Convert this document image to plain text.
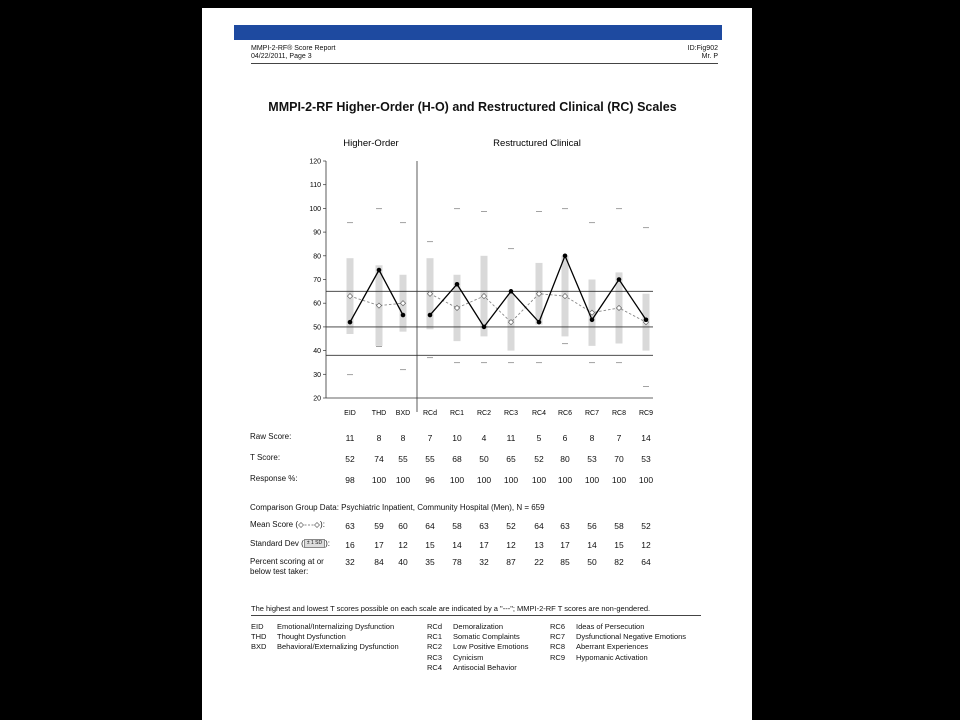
MMPI-2-RF® Score Report
04/22/2011, Page 3
ID:Fig902
Mr. P
MMPI-2-RF Higher-Order (H-O) and Restructured Clinical (RC) Scales
Higher-Order	Restructured Clinical
20
30
40
50
60
70
80
90
100
110
120
---
---
---
---
---	---
---
---	---
---
---
---
---
---
---
---
---	---	---	---
---
---	---
---
EID THD BXD RCd RC1 RC2 RC3 RC4 RC6 RC7 RC8 RC9
Raw Score:	11	8	8	7	10	4	11	5	6	8	7	14
T Score:	52	74	55	55	68	50	65	52	80	53	70	53
Response %:	98	100	100	96	100	100	100	100	100	100	100	100
Comparison Group Data: Psychiatric Inpatient, Community Hospital (Men), N = 659
Mean Score (	):	63	59	60	64	58	63	52	64	63	56	58	52
Standard Dev ( ± 1 SD ):	16	17	12	15	14	17	12	13	17	14	15	12
Percent scoring at or
below test taker:
32	84	40	35	78	32	87	22	85	50	82	64
The highest and lowest T scores possible on each scale are indicated by a "---"; MMPI-2-RF T scores are non-gendered.
EID Emotional/Internalizing Dysfunction
THD Thought Dysfunction
BXD Behavioral/Externalizing Dysfunction
RCd Demoralization
RC1 Somatic Complaints
RC2 Low Positive Emotions
RC3 Cynicism
RC4 Antisocial Behavior
RC6 Ideas of Persecution
RC7 Dysfunctional Negative Emotions
RC8 Aberrant Experiences
RC9 Hypomanic Activation
